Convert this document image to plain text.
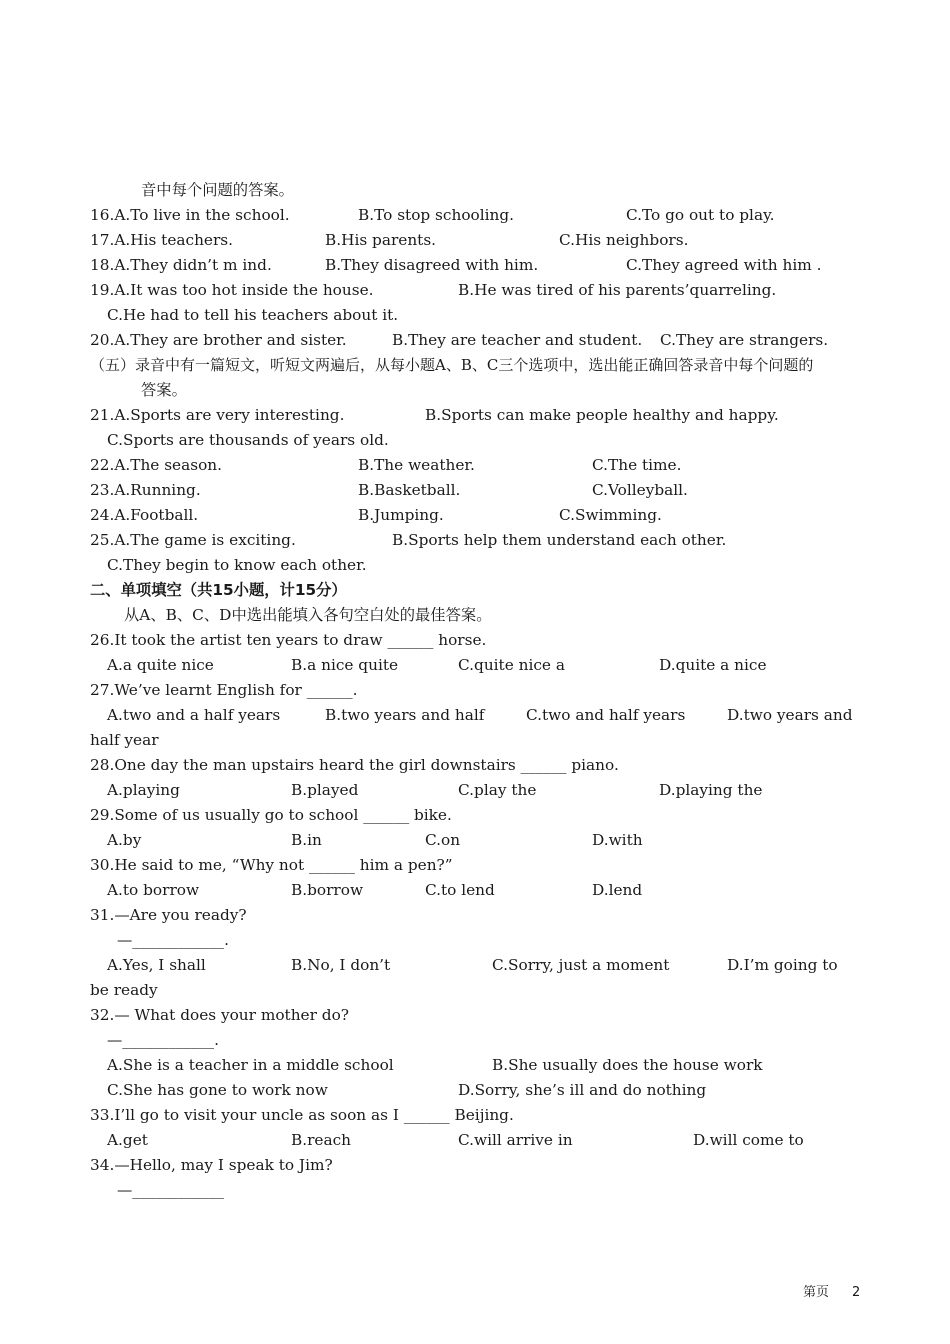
音中每个问题的答案。

16.A.To live in the school.

	B.To stop schooling.

	C.To go out to play.

17.A.His teachers.

	B.His parents.

	C.His neighbors.

18.A.They didn’t m ind.

	B.They disagreed with him.

	C.They agreed with him .

19.A.It was too hot inside the house.

	B.He was tired of his parents’quarreling.

C.He had to tell his teachers about it.

20.A.They are brother and sister.

	B.They are teacher and student.

C.They are strangers.

（五）录音中有一篇短文，听短文两遍后，从每小题A、B、C三个选项中，选出能正确回答录音中每个问题的

答案。

21.A.Sports are very interesting.

	B.Sports can make people healthy and happy.

C.Sports are thousands of years old.

22.A.The season.

	B.The weather.

	C.The time.

23.A.Running.

	B.Basketball.

	C.Volleyball.

24.A.Football.

	B.Jumping.

	C.Swimming.

25.A.The game is exciting.

	B.Sports help them understand each other.

C.They begin to know each other.

二、单项填空（共15小题，计15分）

从A、B、C、D中选出能填入各句空白处的最佳答案。

26.It took the artist ten years to draw ______ horse.

A.a quite nice

	B.a nice quite

	C.quite nice a

	D.quite a nice

27.We’ve learnt English for ______.

A.two and a half years

	B.two years and half

	C.two and half years

	D.two years and

half year

28.One day the man upstairs heard the girl downstairs ______ piano.

A.playing

	B.played

	C.play the

	D.playing the

29.Some of us usually go to school ______ bike.

A.by

	B.in

	C.on

	D.with

30.He said to me, “Why not ______ him a pen?”

A.to borrow

	B.borrow

	C.to lend

	D.lend

31.—Are you ready?

—____________.

A.Yes, I shall

	B.No, I don’t

	C.Sorry, just a moment

	D.I’m going to

be ready

32.— What does your mother do?

—____________.

A.She is a teacher in a middle school

	B.She usually does the house work

C.She has gone to work now

	D.Sorry, she’s ill and do nothing

33.I’ll go to visit your uncle as soon as I ______ Beijing.

A.get

	B.reach

	C.will arrive in

	D.will come to

34.—Hello, may I speak to Jim?

—____________

第页 2
